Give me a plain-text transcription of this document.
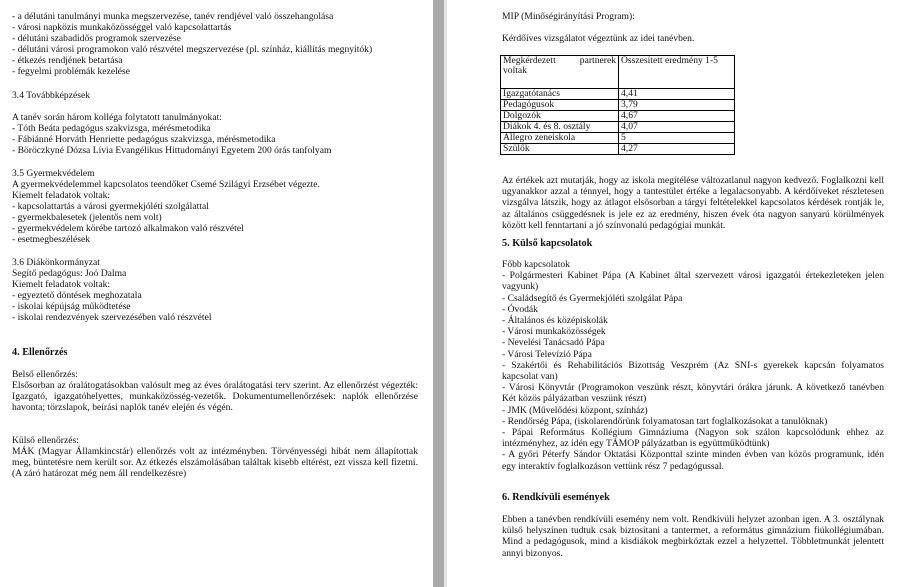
- a délutáni tanulmányi munka megszervezése, tanév rendjével való összehangolása
- városi napközis munkaközösséggel való kapcsolattartás
- délutáni szabadidős programok szervezése
- délutáni városi programokon való részvétel megszervezése (pl. színház, kiállítás megnyitók)
- étkezés rendjének betartása
- fegyelmi problémák kezelése
3.4 Továbbképzések
A tanév során három kolléga folytatott tanulmányokat:
- Tóth Beáta pedagógus szakvizsga, mérésmetodika
- Fábiánné Horváth Henriette pedagógus szakvizsga, mérésmetodika
- Böröczkyné Dózsa Lívia Evangélikus Hittudományi Egyetem 200 órás tanfolyam
3.5 Gyermekvédelem
A gyermekvédelemmel kapcsolatos teendőket Csemé Szilágyi Erzsébet végezte.
Kiemelt feladatok voltak:
- kapcsolattartás a városi gyermekjóléti szolgálattal
- gyermekbalesetek (jelentős nem volt)
- gyermekvédelem körébe tartozó alkalmakon való részvétel
- esetmegbeszélések
3.6 Diákönkormányzat
Segítő pedagógus: Joó Dalma
Kiemelt feladatok voltak:
- egyeztető döntések meghozatala
- iskolai képújság működtetése
- iskolai rendezvények szervezésében való részvétel
4. Ellenőrzés
Belső ellenőrzés:

Elsősorban az óralátogatásokban valósult meg az éves óralátogatási terv szerint. Az ellenőrzést végezték: Igazgató, igazgatóhelyettes, munkaközösség-vezetők. Dokumentumellenőrzések: naplók ellenőrzése havonta; törzslapok, beírási naplók tanév elején és végén.

Külső ellenőrzés:

MÁK (Magyar Államkincstár) ellenőrzés volt az intézményben. Törvényességi hibát nem állapítottak meg, büntetésre nem került sor. Az étkezés elszámolásában találtak kisebb eltérést, ezt vissza kell fizetni.(A záró határozat még nem áll rendelkezésre)

MIP (Minőségirányítási Program):
Kérdőíves vizsgálatot végeztünk az idei tanévben.
Megkérdezett partnerek voltak	Összesített eredmény 1-5
Igazgatótanács	4,41
Pedagógusok	3,79
Dolgozók	4,67
Diákok 4. és 8. osztály	4,07
Allegro zeneiskola	5
Szülők	4,27

Az értékek azt mutatják, hogy az iskola megítélése változatlanul nagyon kedvező. Foglalkozni kell ugyanakkor azzal a ténnyel, hogy a tantestület értéke a legalacsonyabb. A kérdőíveket részletesen vizsgálva látszik, hogy az átlagot elsősorban a tárgyi feltételekkel kapcsolatos kérdések rontják le, az általános csüggedésnek is jele ez az eredmény, hiszen évek óta nagyon sanyarú körülmények között kell fenntartani a jó színvonalú pedagógiai munkát.

5. Külső kapcsolatok

Főbb kapcsolatok

- Polgármesteri Kabinet Pápa (A Kabinet által szervezett városi igazgatói értekezleteken jelen vagyunk)

- Családsegítő és Gyermekjóléti szolgálat Pápa

- Óvodák

- Általános és középiskolák

- Városi munkaközösségek

- Nevelési Tanácsadó Pápa

- Városi Televízió Pápa

- Szakértői és Rehabilitációs Bizottság Veszprém (Az SNI-s gyerekek kapcsán folyamatos kapcsolat van)

- Városi Könyvtár (Programokon veszünk részt, könyvtári órákra járunk. A következő tanévben Két közös pályázatban veszünk részt)

- JMK (Művelődési központ, színház)

- Rendőrség Pápa, (iskolarendőrünk folyamatosan tart foglalkozásokat a tanulóknak)

- Pápai Református Kollégium Gimnáziuma (Nagyon sok szálon kapcsolódunk ehhez az intézményhez, az idén egy TÁMOP pályázatban is együttműködtünk)

- A győri Péterfy Sándor Oktatási Központtal szinte minden évben van közös programunk, idén egy interaktív foglalkozáson vettünk rész 7 pedagógussal.

6. Rendkívüli események

Ebben a tanévben rendkívüli esemény nem volt. Rendkívüli helyzet azonban igen. A 3. osztálynak külső helyszínen tudtuk csak biztosítani a tantermet, a református gimnázium fiúkollégiumában. Mind a pedagógusok, mind a kisdiákok megbirkóztak ezzel a helyzettel. Többletmunkát jelentett annyi bizonyos.
